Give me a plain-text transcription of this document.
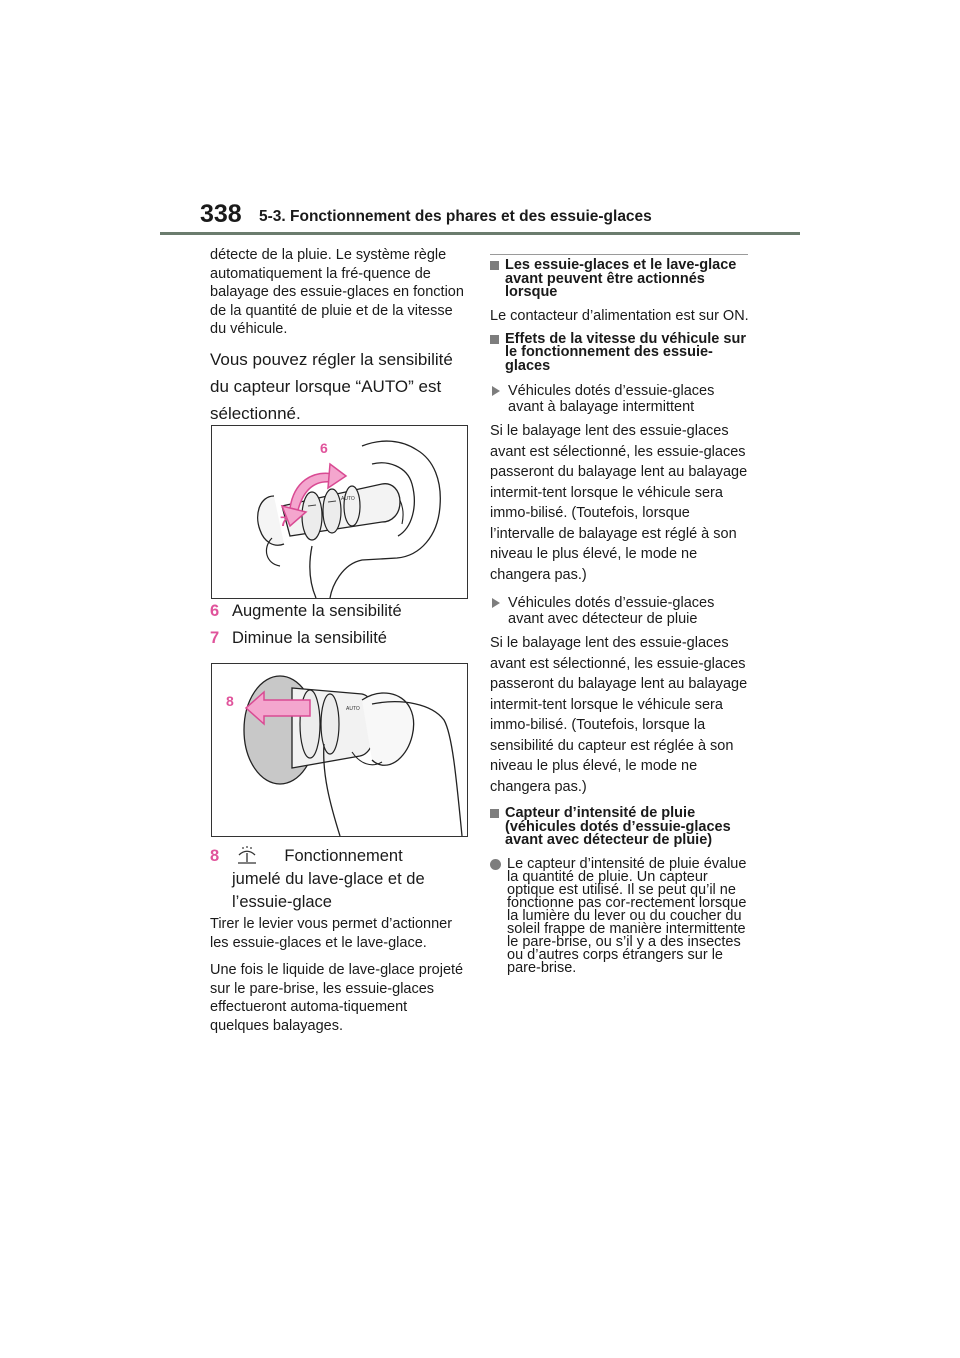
338 5-3. Fonctionnement des phares et des essuie-glaces
détecte de la pluie. Le système règle automatiquement la fré-quence de balayage des essuie-glaces en fonction de la quantité de pluie et de la vitesse du véhicule.
Vous pouvez régler la sensibilité du capteur lorsque “AUTO” est sélectionné.
AUTO
6
7
6 Augmente la sensibilité
7 Diminue la sensibilité
AUTO
8
8	Fonctionnement
jumelé du lave-glace et de l’essuie-glace
Tirer le levier vous permet d’actionner les essuie-glaces et le lave-glace.
Une fois le liquide de lave-glace projeté sur le pare-brise, les essuie-glaces effectueront automa-tiquement quelques balayages.
Les essuie-glaces et le lave-glace avant peuvent être actionnés lorsque
Le contacteur d’alimentation est sur ON.
Effets de la vitesse du véhicule sur le fonctionnement des essuie-glaces
Véhicules dotés d’essuie-glaces avant à balayage intermittent
Si le balayage lent des essuie-glaces avant est sélectionné, les essuie-glaces passeront du balayage lent au balayage intermit-tent lorsque le véhicule sera immo-bilisé. (Toutefois, lorsque l’intervalle de balayage est réglé à son niveau le plus élevé, le mode ne changera pas.)
Véhicules dotés d’essuie-glaces avant avec détecteur de pluie
Si le balayage lent des essuie-glaces avant est sélectionné, les essuie-glaces passeront du balayage lent au balayage intermit-tent lorsque le véhicule sera immo-bilisé. (Toutefois, lorsque la sensibilité du capteur est réglée à son niveau le plus élevé, le mode ne changera pas.)
Capteur d’intensité de pluie (véhicules dotés d’essuie-glaces avant avec détecteur de pluie)
Le capteur d’intensité de pluie évalue la quantité de pluie. Un capteur optique est utilisé. Il se peut qu’il ne fonctionne pas cor-rectement lorsque la lumière du lever ou du coucher du soleil frappe de manière intermittente le pare-brise, ou s’il y a des insectes ou d’autres corps étrangers sur le pare-brise.
